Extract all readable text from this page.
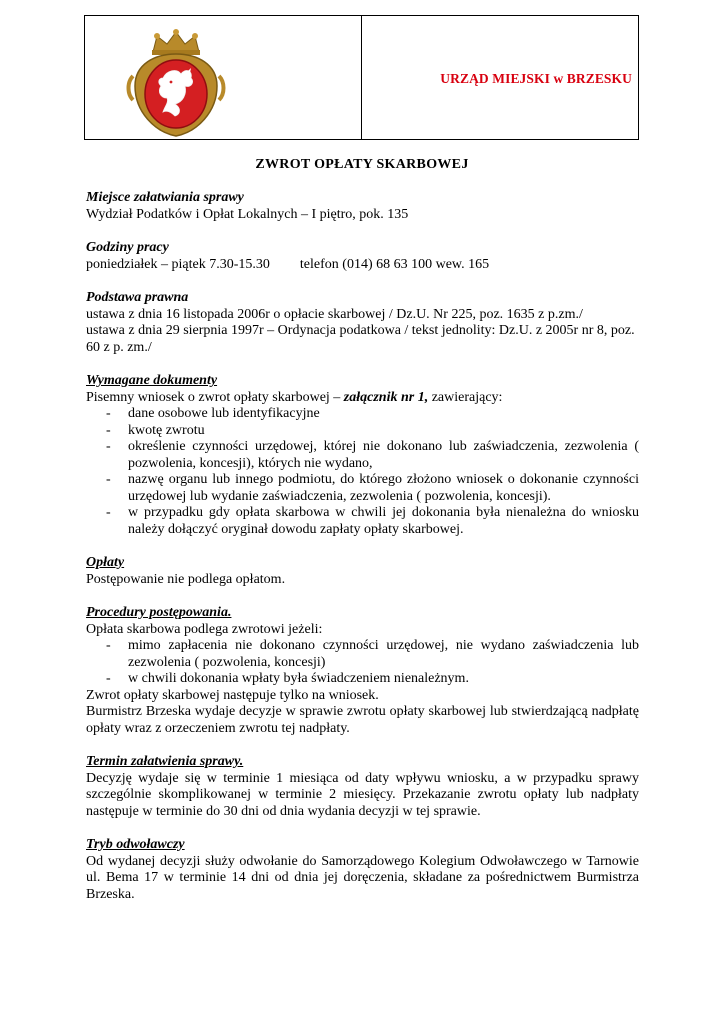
URZĄD MIEJSKI w BRZESKU
ZWROT OPŁATY SKARBOWEJ
Miejsce załatwiania sprawy

Wydział Podatków i Opłat Lokalnych – I piętro, pok. 135

Godziny pracy

poniedziałek – piątek 7.30-15.30 telefon (014) 68 63 100 wew. 165

Podstawa prawna

ustawa z dnia 16 listopada 2006r o opłacie skarbowej / Dz.U. Nr 225, poz. 1635 z p.zm./

ustawa z dnia 29 sierpnia 1997r – Ordynacja podatkowa / tekst jednolity: Dz.U. z 2005r nr 8, poz. 60 z p. zm./

Wymagane dokumenty

Pisemny wniosek o zwrot opłaty skarbowej – załącznik nr 1, zawierający:

- dane osobowe lub identyfikacyjne
- kwotę zwrotu
- określenie czynności urzędowej, której nie dokonano lub zaświadczenia, zezwolenia ( pozwolenia, koncesji), których nie wydano,
- nazwę organu lub innego podmiotu, do którego złożono wniosek o dokonanie czynności urzędowej lub wydanie zaświadczenia, zezwolenia ( pozwolenia, koncesji).
- w przypadku gdy opłata skarbowa w chwili jej dokonania była nienależna do wniosku należy dołączyć oryginał dowodu zapłaty opłaty skarbowej.
Opłaty

Postępowanie nie podlega opłatom.

Procedury postępowania.

Opłata skarbowa podlega zwrotowi jeżeli:

- mimo zapłacenia nie dokonano czynności urzędowej, nie wydano zaświadczenia lub zezwolenia ( pozwolenia, koncesji)
- w chwili dokonania wpłaty była świadczeniem nienależnym.

Zwrot opłaty skarbowej następuje tylko na wniosek.

Burmistrz Brzeska wydaje decyzje w sprawie zwrotu opłaty skarbowej lub stwierdzającą nadpłatę opłaty wraz z orzeczeniem zwrotu tej nadpłaty.

Termin załatwienia sprawy.

Decyzję wydaje się w terminie 1 miesiąca od daty wpływu wniosku, a w przypadku sprawy szczególnie skomplikowanej w terminie 2 miesięcy. Przekazanie zwrotu opłaty lub nadpłaty następuje w terminie do 30 dni od dnia wydania decyzji w tej sprawie.

Tryb odwoławczy

Od wydanej decyzji służy odwołanie do Samorządowego Kolegium Odwoławczego w Tarnowie ul. Bema 17 w terminie 14 dni od dnia jej doręczenia, składane za pośrednictwem Burmistrza Brzeska.
